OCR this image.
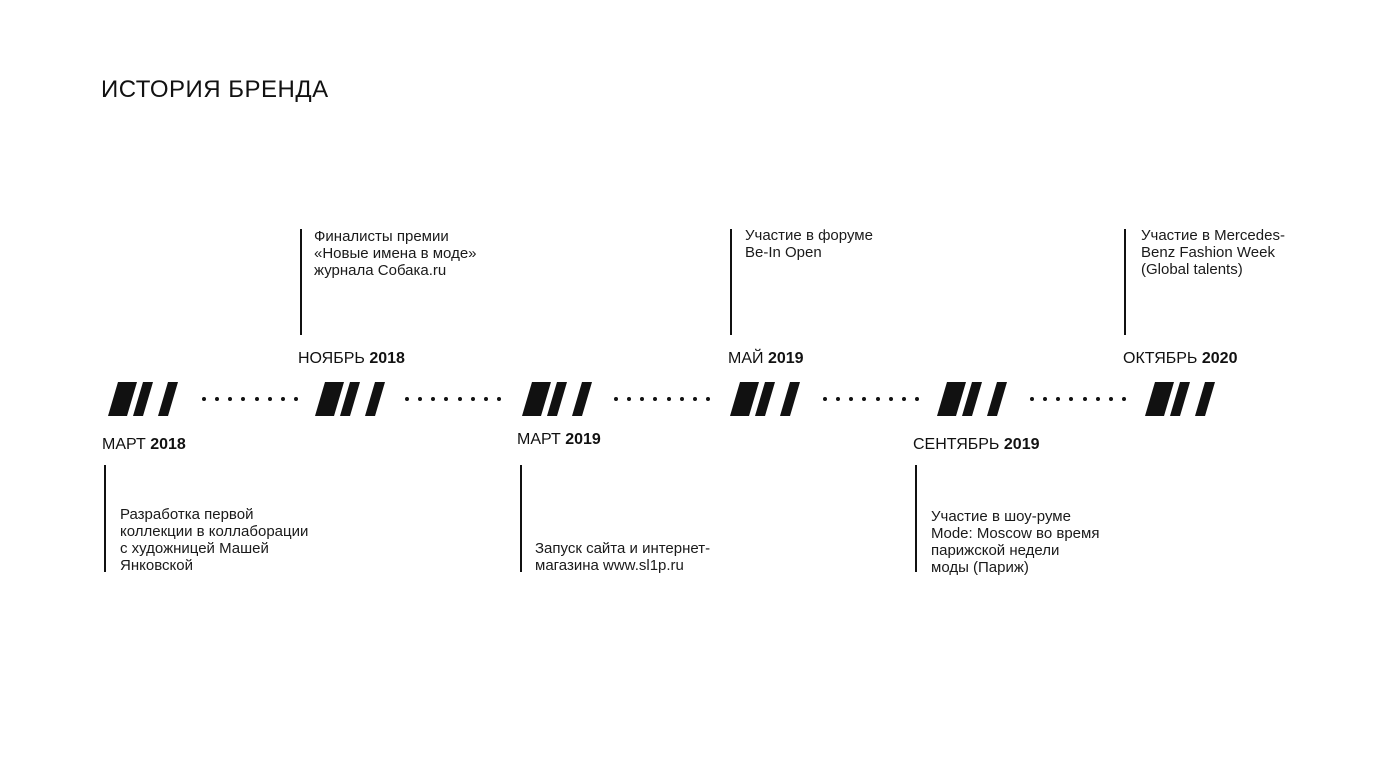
ИСТОРИЯ БРЕНДА
МАРТ 2018
Разработка первой
коллекции в коллаборации
с художницей Машей
Янковской
Финалисты премии
«Новые имена в моде»
журнала Собака.ru
НОЯБРЬ 2018
МАРТ 2019
Запуск сайта и интернет-
магазина www.sl1p.ru
Участие в форуме
Be-In Open
МАЙ 2019
СЕНТЯБРЬ 2019
Участие в шоу-руме
Mode: Moscow во время
парижской недели
моды (Париж)
Участие в Mercedes-
Benz Fashion Week
(Global talents)
ОКТЯБРЬ 2020
